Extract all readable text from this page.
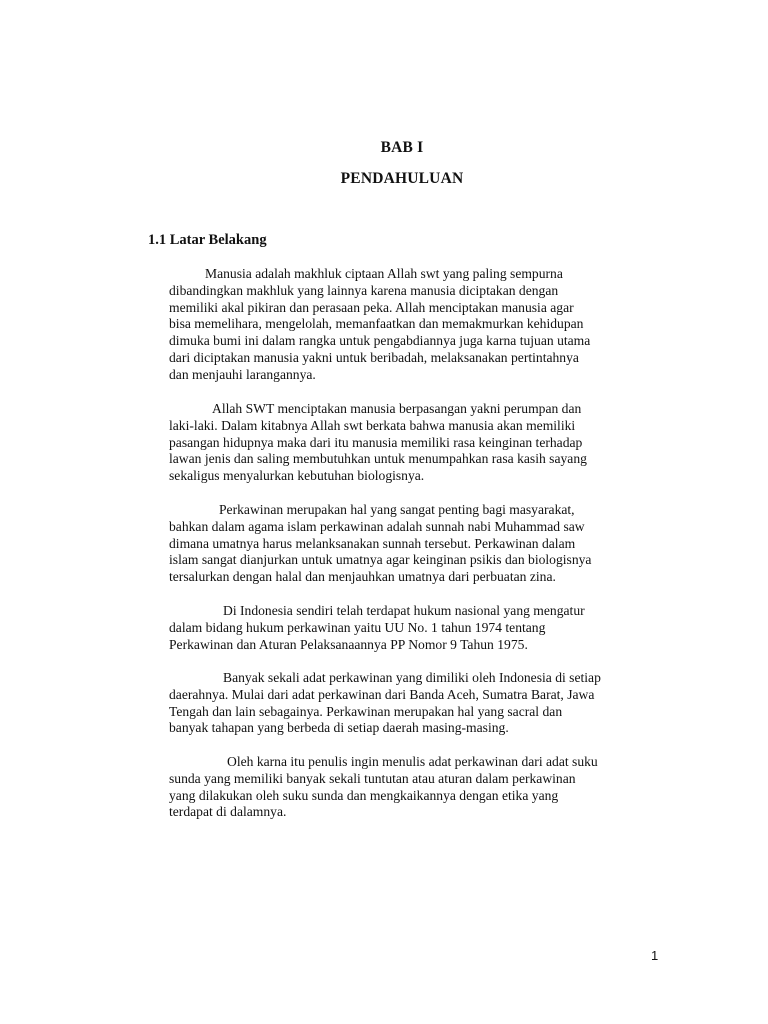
BAB I
PENDAHULUAN
1.1 Latar Belakang

Manusia adalah makhluk ciptaan Allah swt yang paling sempurna
dibandingkan makhluk yang lainnya karena manusia diciptakan dengan
memiliki akal pikiran dan perasaan peka. Allah menciptakan manusia agar
bisa memelihara, mengelolah, memanfaatkan dan memakmurkan kehidupan
dimuka bumi ini dalam rangka untuk pengabdiannya juga karna tujuan utama
dari diciptakan manusia yakni untuk beribadah, melaksanakan pertintahnya
dan menjauhi larangannya.

Allah SWT menciptakan manusia berpasangan yakni perumpan dan
laki-laki. Dalam kitabnya Allah swt berkata bahwa manusia akan memiliki
pasangan hidupnya maka dari itu manusia memiliki rasa keinginan terhadap
lawan jenis dan saling membutuhkan untuk menumpahkan rasa kasih sayang
sekaligus menyalurkan kebutuhan biologisnya.

Perkawinan merupakan hal yang sangat penting bagi masyarakat,
bahkan dalam agama islam perkawinan adalah sunnah nabi Muhammad saw
dimana umatnya harus melanksanakan sunnah tersebut. Perkawinan dalam
islam sangat dianjurkan untuk umatnya agar keinginan psikis dan biologisnya
tersalurkan dengan halal dan menjauhkan umatnya dari perbuatan zina.

Di Indonesia sendiri telah terdapat hukum nasional yang mengatur
dalam bidang hukum perkawinan yaitu UU No. 1 tahun 1974 tentang
Perkawinan dan Aturan Pelaksanaannya PP Nomor 9 Tahun 1975.

Banyak sekali adat perkawinan yang dimiliki oleh Indonesia di setiap
daerahnya. Mulai dari adat perkawinan dari Banda Aceh, Sumatra Barat, Jawa
Tengah dan lain sebagainya. Perkawinan merupakan hal yang sacral dan
banyak tahapan yang berbeda di setiap daerah masing-masing.

Oleh karna itu penulis ingin menulis adat perkawinan dari adat suku
sunda yang memiliki banyak sekali tuntutan atau aturan dalam perkawinan
yang dilakukan oleh suku sunda dan mengkaikannya dengan etika yang
terdapat di dalamnya.

1
